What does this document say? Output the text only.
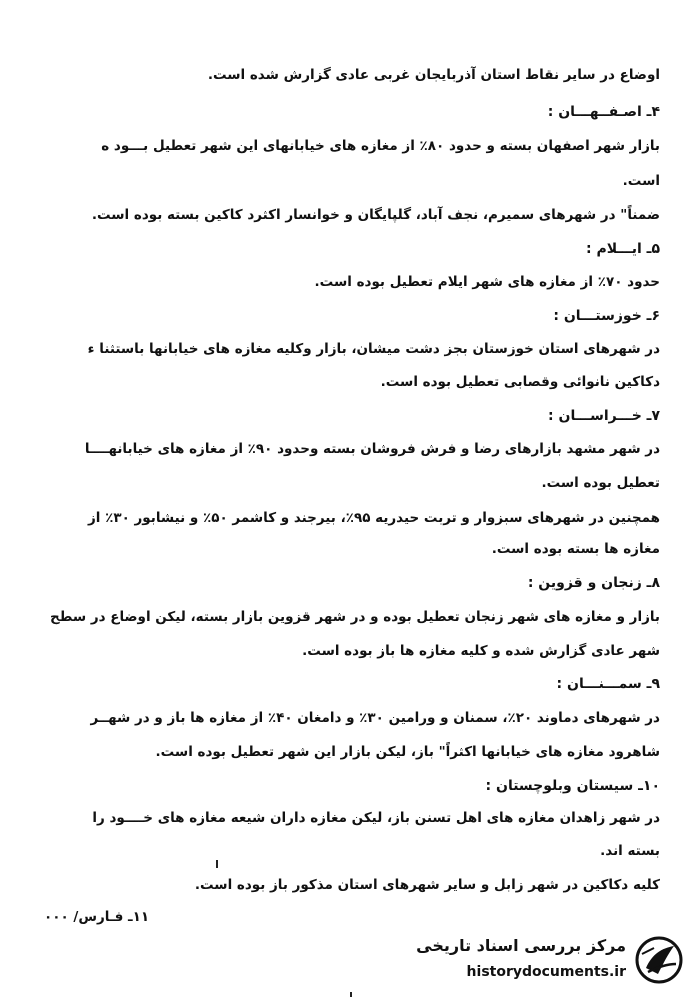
اوضاع در سایر نقاط استان آذربایجان غربی عادی گزارش شده است.
۴ـ اصـفــهـــان :
بازار شهر اصفهان بسته و حدود ۸۰٪ از مغازه های خیابانهای این شهر تعطیل بـــود ه
است.
ضمناً" در شهرهای سمیرم، نجف آباد، گلپایگان و خوانسار اکثرد کاکین بسته بوده است.
۵ـ ایـــلام :
حدود ۷۰٪ از مغازه های شهر ایلام تعطیل بوده است.
۶ـ خوزستـــان :
در شهرهای استان خوزستان بجز دشت میشان، بازار وکلیه مغازه های خیابانها باستثنا ء
دکاکین نانوائی وقصابی تعطیل بوده است.
۷ـ خـــراســـان :
در شهر مشهد بازارهای رضا و فرش فروشان بسته وحدود ۹۰٪ از مغازه های خیابانهــــا
تعطیل بوده است.
همچنین در شهرهای سبزوار و تربت حیدریه ۹۵٪، بیرجند و کاشمر ۵۰٪ و نیشابور ۳۰٪ از
مغازه ها بسته بوده است.
۸ـ زنجان و قزوین :
بازار و مغازه های شهر زنجان تعطیل بوده و در شهر قزوین بازار بسته، لیکن اوضاع در سطح
شهر عادی گزارش شده و کلیه مغازه ها باز بوده است.
۹ـ سمـــنـــان :
در شهرهای دماوند ۲۰٪، سمنان و ورامین ۳۰٪ و دامغان ۴۰٪ از مغازه ها باز و در شهــر
شاهرود مغازه های خیابانها اکثراً" باز، لیکن بازار این شهر تعطیل بوده است.
۱۰ـ سیستان وبلوچستان :
در شهر زاهدان مغازه های اهل تسنن باز، لیکن مغازه داران شیعه مغازه های خــــود را
بسته اند.
کلیه دکاکین در شهر زابل و سایر شهرهای استان مذکور باز بوده است.
۱۱ـ فـارس/ ۰۰۰
مرکز بررسی اسناد تاریخی
historydocuments.ir
